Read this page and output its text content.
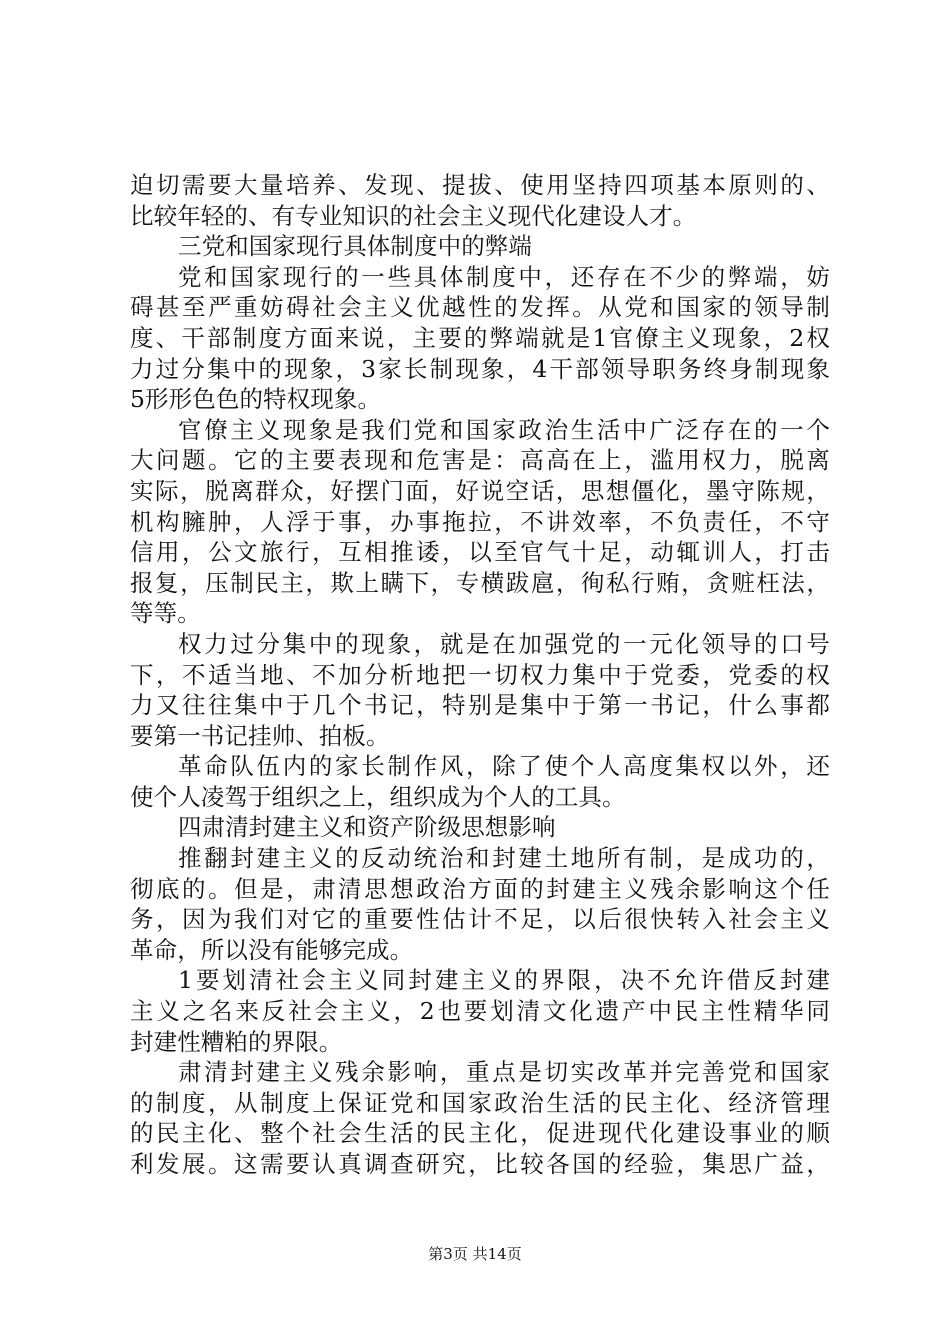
迫切需要大量培养、发现、提拔、使用坚持四项基本原则的、
比较年轻的、有专业知识的社会主义现代化建设人才。
三党和国家现行具体制度中的弊端
党和国家现行的一些具体制度中，还存在不少的弊端，妨
碍甚至严重妨碍社会主义优越性的发挥。从党和国家的领导制
度、干部制度方面来说，主要的弊端就是1官僚主义现象，2权
力过分集中的现象，3家长制现象，4干部领导职务终身制现象
5形形色色的特权现象。
官僚主义现象是我们党和国家政治生活中广泛存在的一个
大问题。它的主要表现和危害是：高高在上，滥用权力，脱离
实际，脱离群众，好摆门面，好说空话，思想僵化，墨守陈规，
机构臃肿，人浮于事，办事拖拉，不讲效率，不负责任，不守
信用，公文旅行，互相推诿，以至官气十足，动辄训人，打击
报复，压制民主，欺上瞒下，专横跋扈，徇私行贿，贪赃枉法，
等等。
权力过分集中的现象，就是在加强党的一元化领导的口号
下，不适当地、不加分析地把一切权力集中于党委，党委的权
力又往往集中于几个书记，特别是集中于第一书记，什么事都
要第一书记挂帅、拍板。
革命队伍内的家长制作风，除了使个人高度集权以外，还
使个人凌驾于组织之上，组织成为个人的工具。
四肃清封建主义和资产阶级思想影响
推翻封建主义的反动统治和封建土地所有制，是成功的，
彻底的。但是，肃清思想政治方面的封建主义残余影响这个任
务，因为我们对它的重要性估计不足，以后很快转入社会主义
革命，所以没有能够完成。
1要划清社会主义同封建主义的界限，决不允许借反封建
主义之名来反社会主义，2也要划清文化遗产中民主性精华同
封建性糟粕的界限。
肃清封建主义残余影响，重点是切实改革并完善党和国家
的制度，从制度上保证党和国家政治生活的民主化、经济管理
的民主化、整个社会生活的民主化，促进现代化建设事业的顺
利发展。这需要认真调查研究，比较各国的经验，集思广益，
第3页 共14页
